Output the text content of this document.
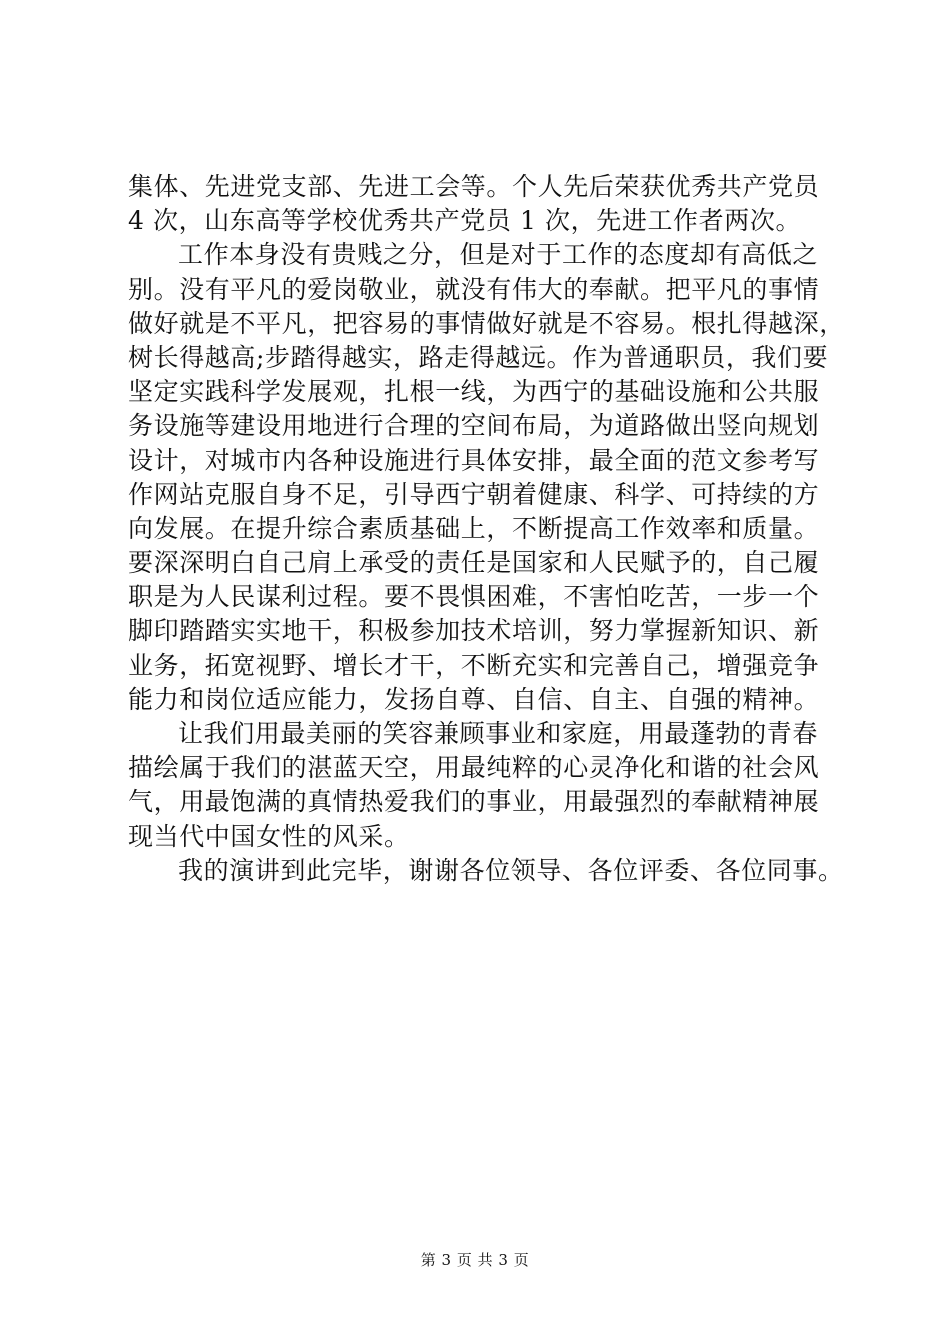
集体、先进党支部、先进工会等。个人先后荣获优秀共产党员
4 次，山东高等学校优秀共产党员 1 次，先进工作者两次。
工作本身没有贵贱之分，但是对于工作的态度却有高低之
别。没有平凡的爱岗敬业，就没有伟大的奉献。把平凡的事情
做好就是不平凡，把容易的事情做好就是不容易。根扎得越深，
树长得越高;步踏得越实，路走得越远。作为普通职员，我们要
坚定实践科学发展观，扎根一线，为西宁的基础设施和公共服
务设施等建设用地进行合理的空间布局，为道路做出竖向规划
设计，对城市内各种设施进行具体安排，最全面的范文参考写
作网站克服自身不足，引导西宁朝着健康、科学、可持续的方
向发展。在提升综合素质基础上，不断提高工作效率和质量。
要深深明白自己肩上承受的责任是国家和人民赋予的，自己履
职是为人民谋利过程。要不畏惧困难，不害怕吃苦，一步一个
脚印踏踏实实地干，积极参加技术培训，努力掌握新知识、新
业务，拓宽视野、增长才干，不断充实和完善自己，增强竞争
能力和岗位适应能力，发扬自尊、自信、自主、自强的精神。
让我们用最美丽的笑容兼顾事业和家庭，用最蓬勃的青春
描绘属于我们的湛蓝天空，用最纯粹的心灵净化和谐的社会风
气，用最饱满的真情热爱我们的事业，用最强烈的奉献精神展
现当代中国女性的风采。
我的演讲到此完毕，谢谢各位领导、各位评委、各位同事。
第 3 页 共 3 页
